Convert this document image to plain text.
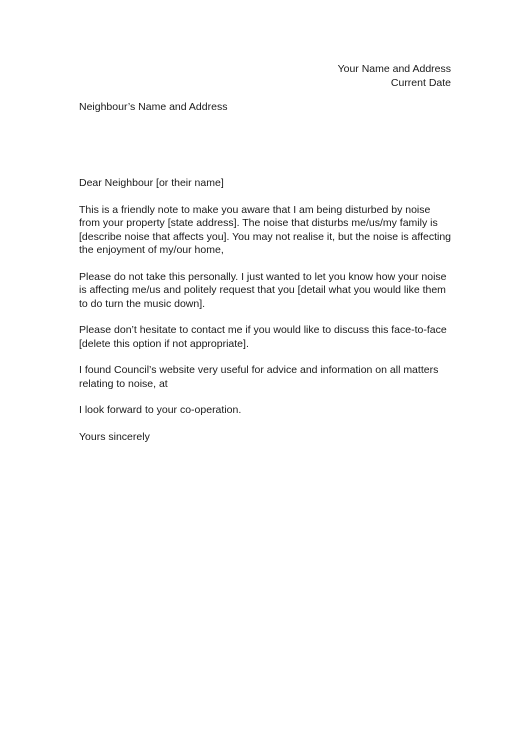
Your Name and Address
Current Date
Neighbour’s Name and Address

Dear Neighbour [or their name]

This is a friendly note to make you aware that I am being disturbed by noise from your property [state address]. The noise that disturbs me/us/my family is [describe noise that affects you]. You may not realise it, but the noise is affecting the enjoyment of my/our home,

Please do not take this personally. I just wanted to let you know how your noise is affecting me/us and politely request that you [detail what you would like them to do turn the music down].

Please don’t hesitate to contact me if you would like to discuss this face-to-face [delete this option if not appropriate].

I found Council’s website very useful for advice and information on all matters relating to noise, at

I look forward to your co-operation.

Yours sincerely
